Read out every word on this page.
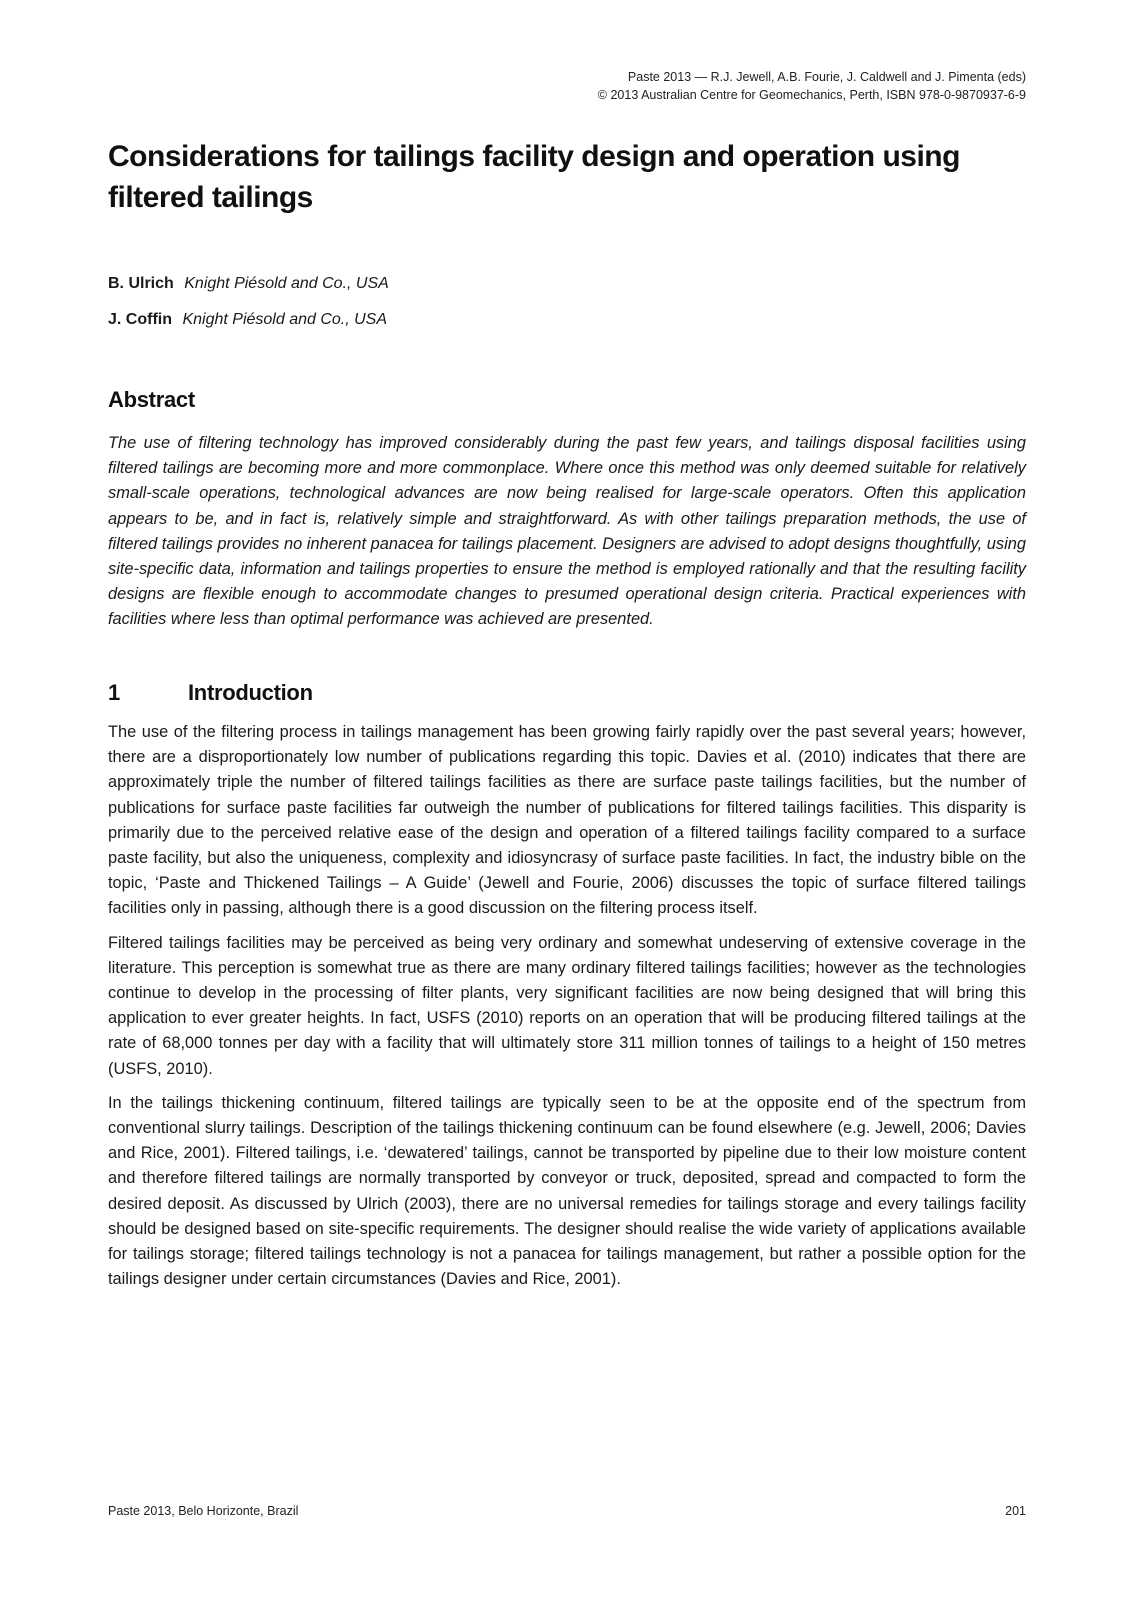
Paste 2013 — R.J. Jewell, A.B. Fourie, J. Caldwell and J. Pimenta (eds)
© 2013 Australian Centre for Geomechanics, Perth, ISBN 978-0-9870937-6-9
Considerations for tailings facility design and operation using filtered tailings
B. Ulrich Knight Piésold and Co., USA
J. Coffin Knight Piésold and Co., USA
Abstract

The use of filtering technology has improved considerably during the past few years, and tailings disposal facilities using filtered tailings are becoming more and more commonplace. Where once this method was only deemed suitable for relatively small-scale operations, technological advances are now being realised for large-scale operators. Often this application appears to be, and in fact is, relatively simple and straightforward. As with other tailings preparation methods, the use of filtered tailings provides no inherent panacea for tailings placement. Designers are advised to adopt designs thoughtfully, using site-specific data, information and tailings properties to ensure the method is employed rationally and that the resulting facility designs are flexible enough to accommodate changes to presumed operational design criteria. Practical experiences with facilities where less than optimal performance was achieved are presented.

1	Introduction

The use of the filtering process in tailings management has been growing fairly rapidly over the past several years; however, there are a disproportionately low number of publications regarding this topic. Davies et al. (2010) indicates that there are approximately triple the number of filtered tailings facilities as there are surface paste tailings facilities, but the number of publications for surface paste facilities far outweigh the number of publications for filtered tailings facilities. This disparity is primarily due to the perceived relative ease of the design and operation of a filtered tailings facility compared to a surface paste facility, but also the uniqueness, complexity and idiosyncrasy of surface paste facilities. In fact, the industry bible on the topic, ‘Paste and Thickened Tailings – A Guide’ (Jewell and Fourie, 2006) discusses the topic of surface filtered tailings facilities only in passing, although there is a good discussion on the filtering process itself.

Filtered tailings facilities may be perceived as being very ordinary and somewhat undeserving of extensive coverage in the literature. This perception is somewhat true as there are many ordinary filtered tailings facilities; however as the technologies continue to develop in the processing of filter plants, very significant facilities are now being designed that will bring this application to ever greater heights. In fact, USFS (2010) reports on an operation that will be producing filtered tailings at the rate of 68,000 tonnes per day with a facility that will ultimately store 311 million tonnes of tailings to a height of 150 metres (USFS, 2010).

In the tailings thickening continuum, filtered tailings are typically seen to be at the opposite end of the spectrum from conventional slurry tailings. Description of the tailings thickening continuum can be found elsewhere (e.g. Jewell, 2006; Davies and Rice, 2001). Filtered tailings, i.e. ‘dewatered’ tailings, cannot be transported by pipeline due to their low moisture content and therefore filtered tailings are normally transported by conveyor or truck, deposited, spread and compacted to form the desired deposit. As discussed by Ulrich (2003), there are no universal remedies for tailings storage and every tailings facility should be designed based on site-specific requirements. The designer should realise the wide variety of applications available for tailings storage; filtered tailings technology is not a panacea for tailings management, but rather a possible option for the tailings designer under certain circumstances (Davies and Rice, 2001).

Paste 2013, Belo Horizonte, Brazil	201
